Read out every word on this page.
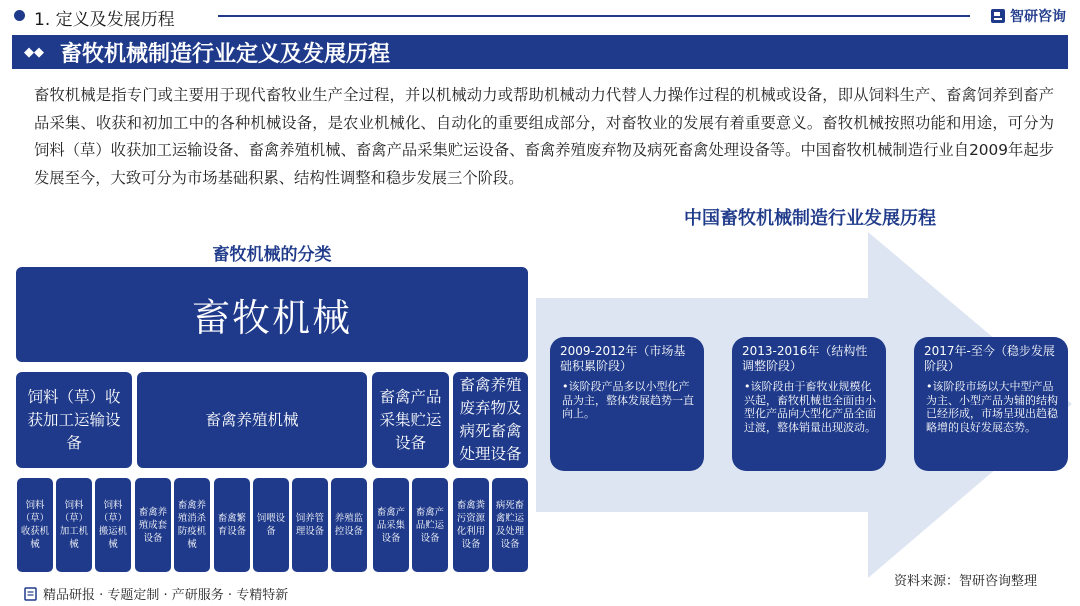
1. 定义及发展历程	智研咨询
◆◆ 畜牧机械制造行业定义及发展历程

畜牧机械是指专门或主要用于现代畜牧业生产全过程，并以机械动力或帮助机械动力代替人力操作过程的机械或设备，即从饲料生产、畜禽饲养到畜产品采集、收获和初加工中的各种机械设备，是农业机械化、自动化的重要组成部分，对畜牧业的发展有着重要意义。畜牧机械按照功能和用途，可分为饲料（草）收获加工运输设备、畜禽养殖机械、畜禽产品采集贮运设备、畜禽养殖废弃物及病死畜禽处理设备等。中国畜牧机械制造行业自2009年起步发展至今，大致可分为市场基础积累、结构性调整和稳步发展三个阶段。

畜牧机械的分类
畜牧机械
饲料（草）收获加工运输设备
畜禽养殖机械
畜禽产品采集贮运设备
畜禽养殖废弃物及病死畜禽处理设备
饲料（草）收获机械
饲料（草）加工机械
饲料（草）搬运机械
畜禽养殖成套设备
畜禽养殖消杀防疫机械
畜禽繁育设备
饲喂设备
饲养管理设备
养殖监控设备
畜禽产品采集设备
畜禽产品贮运设备
畜禽粪污资源化利用设备
病死畜禽贮运及处理设备
中国畜牧机械制造行业发展历程
2009-2012年（市场基础积累阶段）
•该阶段产品多以小型化产品为主，整体发展趋势一直向上。
2013-2016年（结构性调整阶段）
•该阶段由于畜牧业规模化兴起，畜牧机械也全面由小型化产品向大型化产品全面过渡，整体销量出现波动。
2017年-至今（稳步发展阶段）
•该阶段市场以大中型产品为主、小型产品为辅的结构已经形成，市场呈现出趋稳略增的良好发展态势。
资料来源：智研咨询整理
精品研报 · 专题定制 · 产研服务 · 专精特新
